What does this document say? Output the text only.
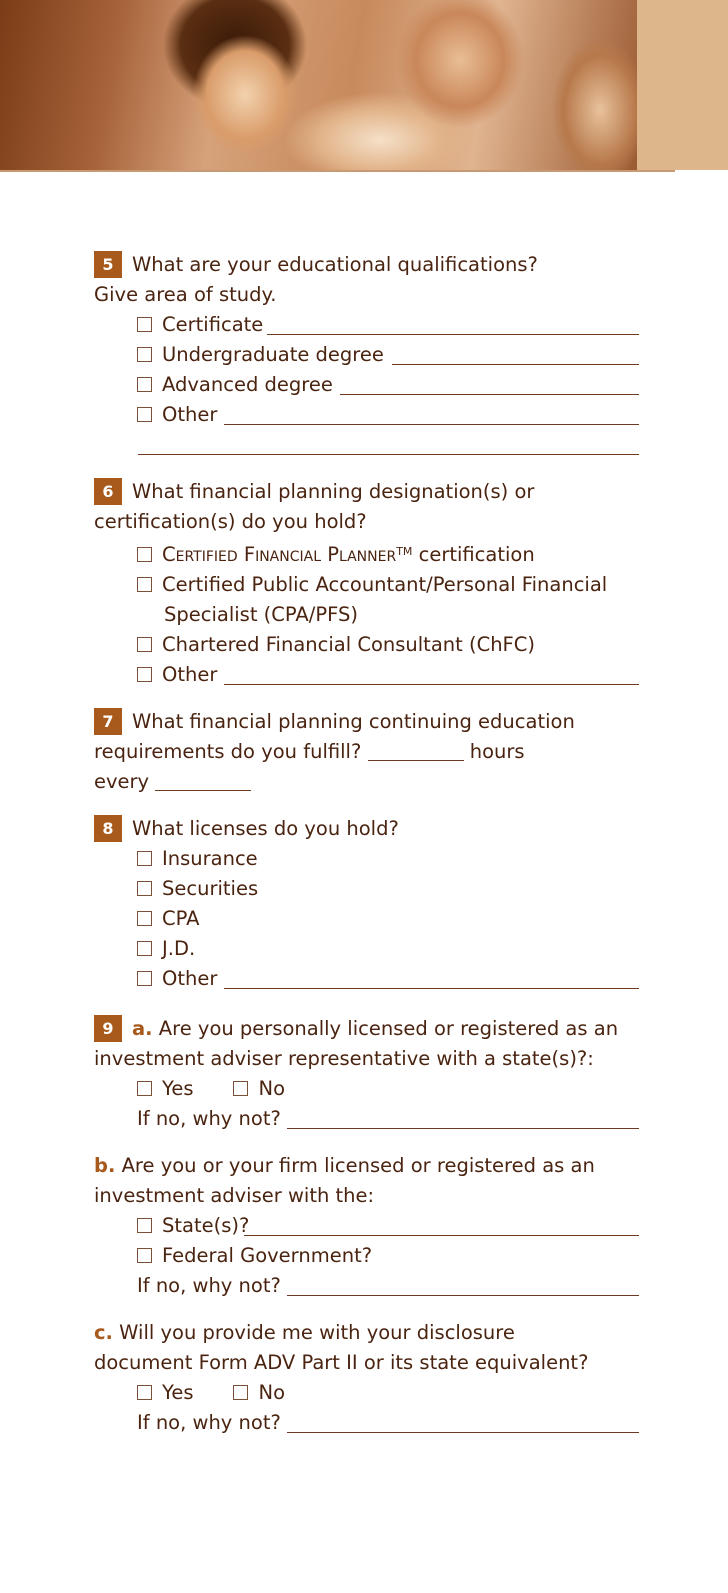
5 What are your educational qualifications?
Give area of study.
Certificate
Undergraduate degree
Advanced degree
Other

6 What financial planning designation(s) or
certification(s) do you hold?
Certified Financial Planner™ certification
Certified Public Accountant/Personal Financial
Specialist (CPA/PFS)
Chartered Financial Consultant (ChFC)
Other
7 What financial planning continuing education
requirements do you fulfill?	hours
every
8 What licenses do you hold?
Insurance
Securities
CPA
J.D.
Other
9 a. Are you personally licensed or registered as an
investment adviser representative with a state(s)?:
Yes	No
If no, why not?
b. Are you or your firm licensed or registered as an
investment adviser with the:
State(s)?
Federal Government?
If no, why not?
c. Will you provide me with your disclosure
document Form ADV Part II or its state equivalent?
Yes	No
If no, why not?
